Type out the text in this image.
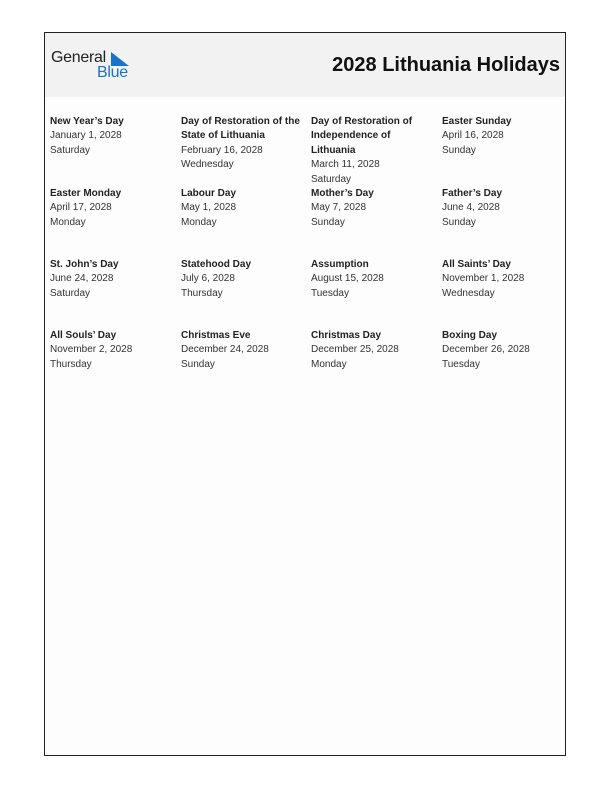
General
Blue	2028 Lithuania Holidays
New Year’s Day
January 1, 2028
Saturday
Day of Restoration of the State of Lithuania
February 16, 2028
Wednesday
Day of Restoration of Independence of Lithuania
March 11, 2028
Saturday
Easter Sunday
April 16, 2028
Sunday
Easter Monday
April 17, 2028
Monday
Labour Day
May 1, 2028
Monday
Mother’s Day
May 7, 2028
Sunday
Father’s Day
June 4, 2028
Sunday
St. John’s Day
June 24, 2028
Saturday
Statehood Day
July 6, 2028
Thursday
Assumption
August 15, 2028
Tuesday
All Saints’ Day
November 1, 2028
Wednesday
All Souls’ Day
November 2, 2028
Thursday
Christmas Eve
December 24, 2028
Sunday
Christmas Day
December 25, 2028
Monday
Boxing Day
December 26, 2028
Tuesday
